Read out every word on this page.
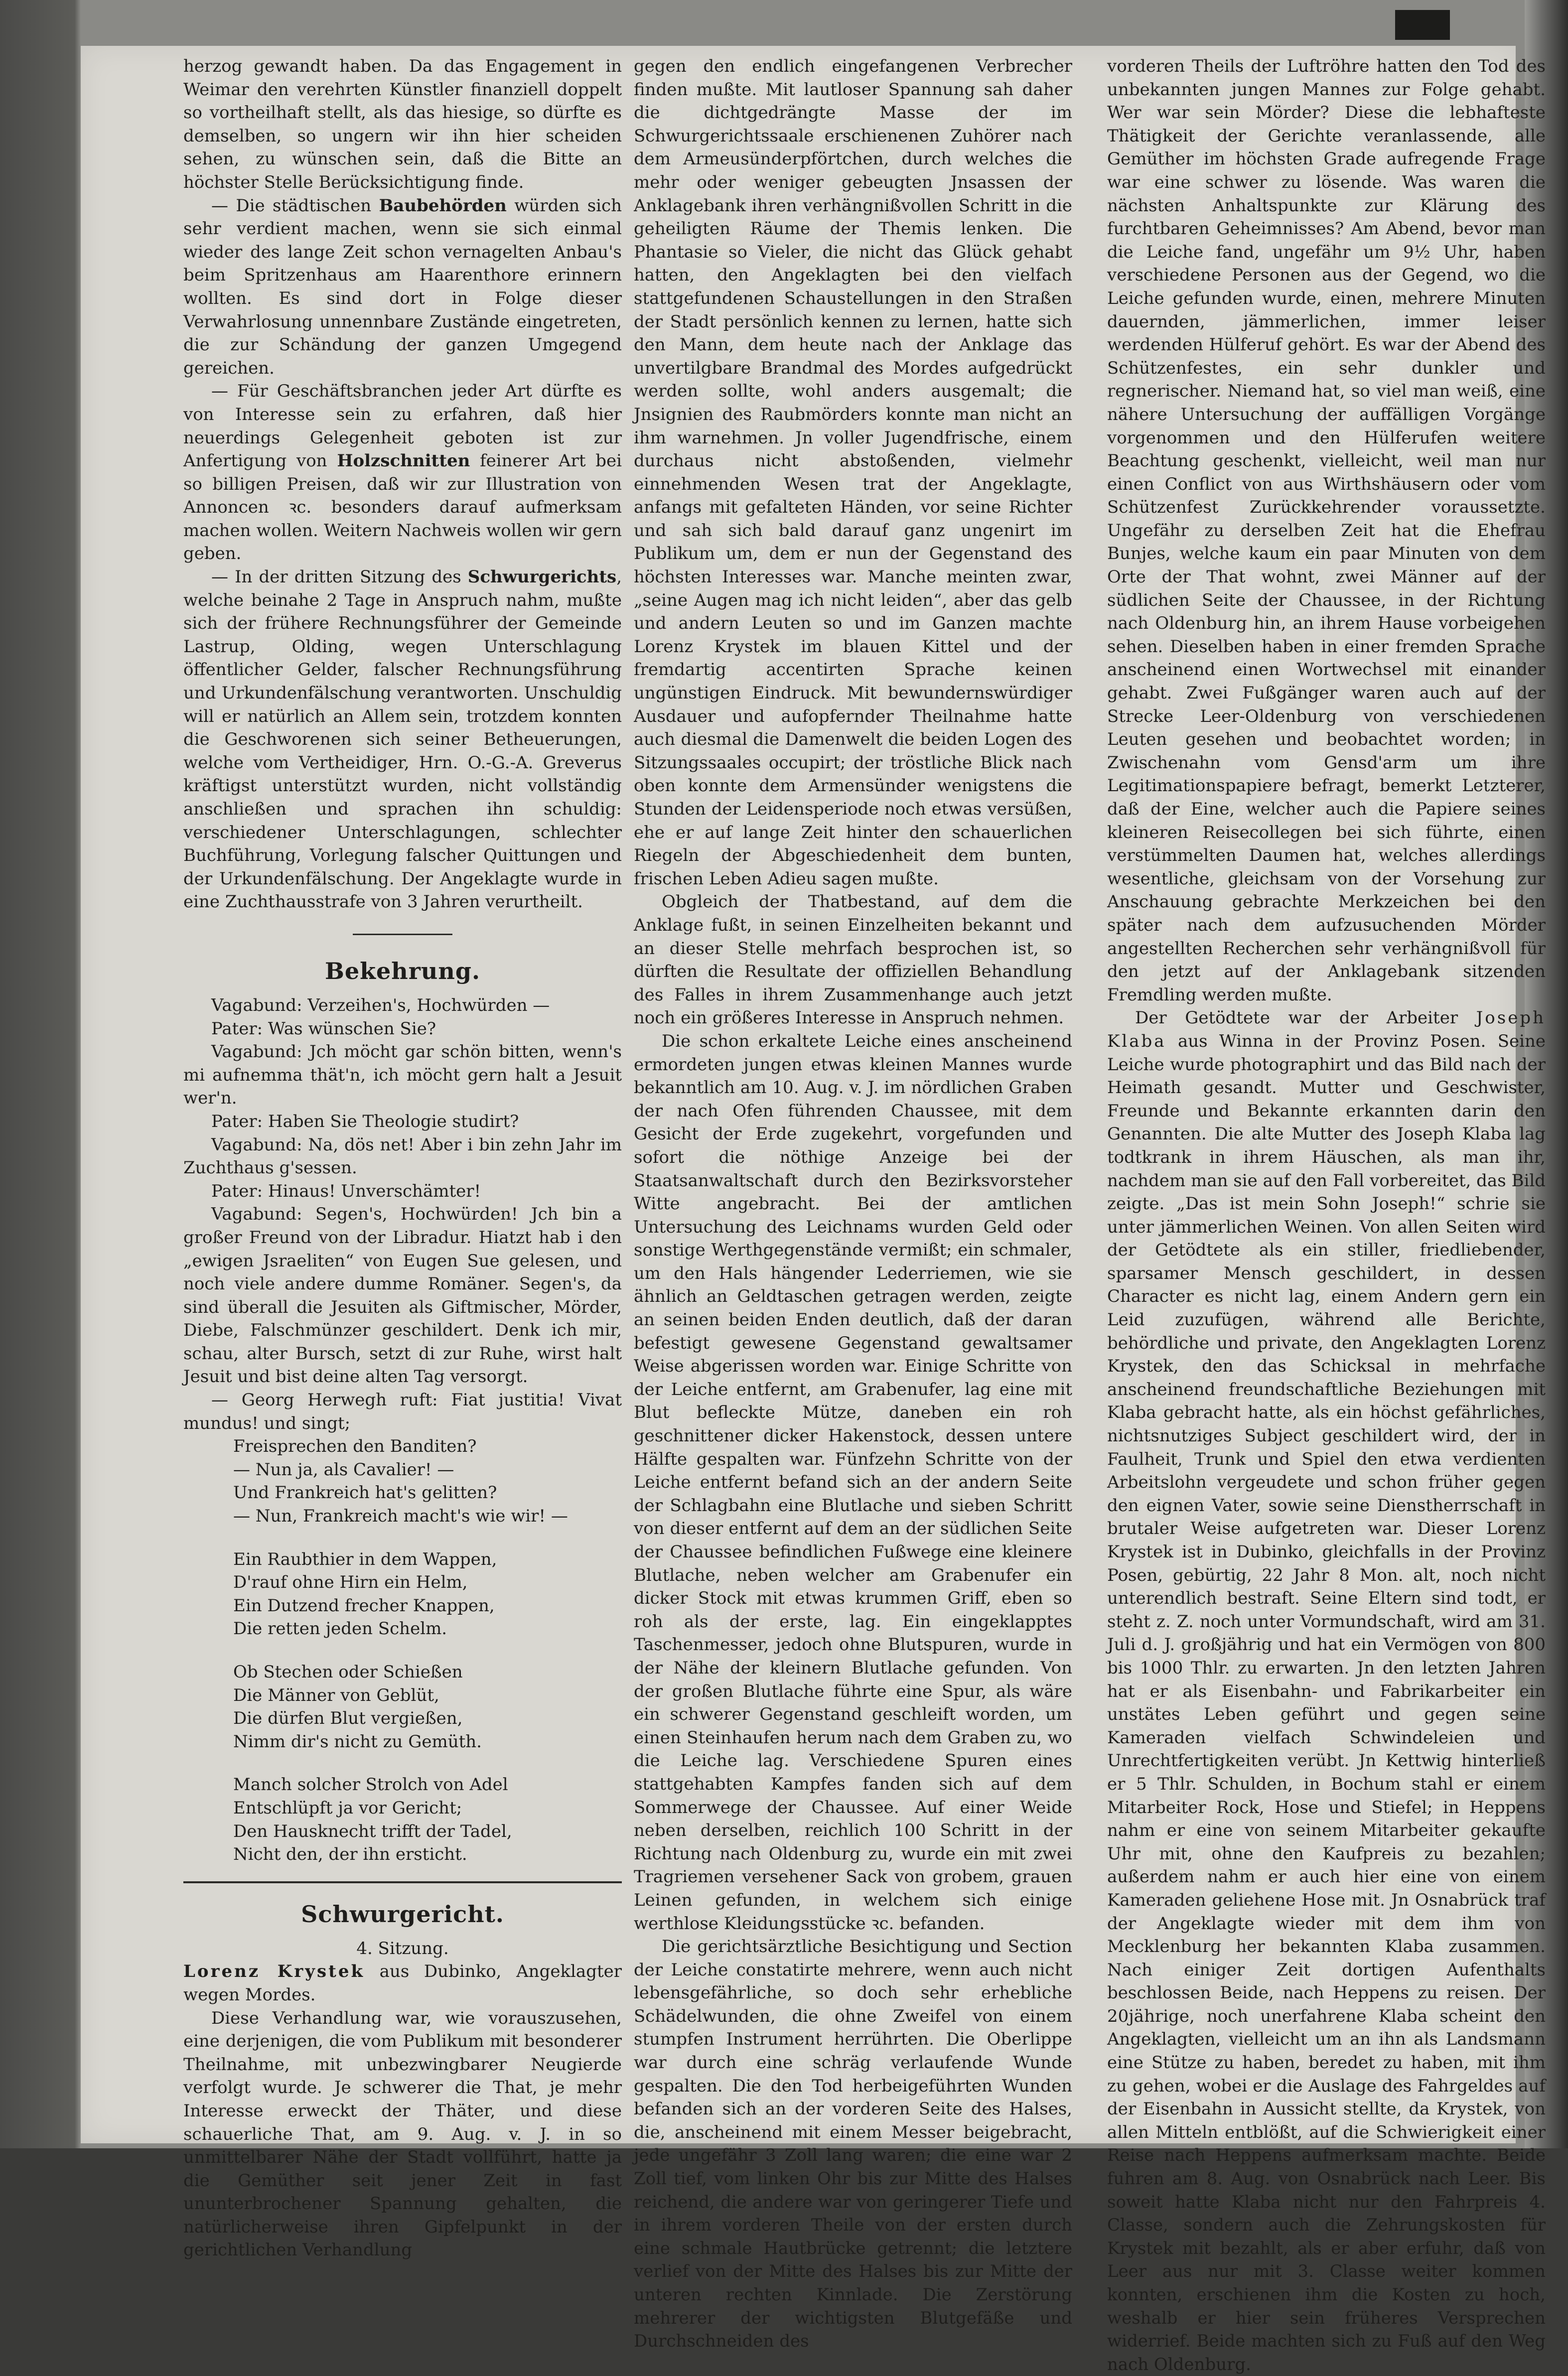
herzog gewandt haben. Da das Engagement in Weimar den verehrten Künstler finanziell doppelt so vortheilhaft stellt, als das hiesige, so dürfte es demselben, so ungern wir ihn hier scheiden sehen, zu wünschen sein, daß die Bitte an höchster Stelle Berücksichtigung finde.

— Die städtischen Baubehörden würden sich sehr verdient machen, wenn sie sich einmal wieder des lange Zeit schon vernagelten Anbau's beim Spritzenhaus am Haarenthore erinnern wollten. Es sind dort in Folge dieser Verwahrlosung unnennbare Zustände eingetreten, die zur Schändung der ganzen Umgegend gereichen.

— Für Geschäftsbranchen jeder Art dürfte es von Interesse sein zu erfahren, daß hier neuerdings Gelegenheit geboten ist zur Anfertigung von Holzschnitten feinerer Art bei so billigen Preisen, daß wir zur Illustration von Annoncen ꝛc. besonders darauf aufmerksam machen wollen. Weitern Nachweis wollen wir gern geben.

— In der dritten Sitzung des Schwurgerichts, welche beinahe 2 Tage in Anspruch nahm, mußte sich der frühere Rechnungsführer der Gemeinde Lastrup, Olding, wegen Unterschlagung öffentlicher Gelder, falscher Rechnungsführung und Urkundenfälschung verantworten. Unschuldig will er natürlich an Allem sein, trotzdem konnten die Geschworenen sich seiner Betheuerungen, welche vom Vertheidiger, Hrn. O.-G.-A. Greverus kräftigst unterstützt wurden, nicht vollständig anschließen und sprachen ihn schuldig: verschiedener Unterschlagungen, schlechter Buchführung, Vorlegung falscher Quittungen und der Urkundenfälschung. Der Angeklagte wurde in eine Zuchthausstrafe von 3 Jahren verurtheilt.

Bekehrung.

Vagabund: Verzeihen's, Hochwürden —

Pater: Was wünschen Sie?

Vagabund: Jch möcht gar schön bitten, wenn's mi aufnemma thät'n, ich möcht gern halt a Jesuit wer'n.

Pater: Haben Sie Theologie studirt?

Vagabund: Na, dös net! Aber i bin zehn Jahr im Zuchthaus g'sessen.

Pater: Hinaus! Unverschämter!

Vagabund: Segen's, Hochwürden! Jch bin a großer Freund von der Libradur. Hiatzt hab i den „ewigen Jsraeliten“ von Eugen Sue gelesen, und noch viele andere dumme Romäner. Segen's, da sind überall die Jesuiten als Giftmischer, Mörder, Diebe, Falschmünzer geschildert. Denk ich mir, schau, alter Bursch, setzt di zur Ruhe, wirst halt Jesuit und bist deine alten Tag versorgt.

— Georg Herwegh ruft: Fiat justitia! Vivat mundus! und singt;

Freisprechen den Banditen?

— Nun ja, als Cavalier! —

Und Frankreich hat's gelitten?

— Nun, Frankreich macht's wie wir! —

Ein Raubthier in dem Wappen,

D'rauf ohne Hirn ein Helm,

Ein Dutzend frecher Knappen,

Die retten jeden Schelm.

Ob Stechen oder Schießen

Die Männer von Geblüt,

Die dürfen Blut vergießen,

Nimm dir's nicht zu Gemüth.

Manch solcher Strolch von Adel

Entschlüpft ja vor Gericht;

Den Hausknecht trifft der Tadel,

Nicht den, der ihn ersticht.

Schwurgericht.

4. Sitzung.

Lorenz Krystek aus Dubinko, Angeklagter wegen Mordes.

Diese Verhandlung war, wie vorauszusehen, eine derjenigen, die vom Publikum mit besonderer Theilnahme, mit unbezwingbarer Neugierde verfolgt wurde. Je schwerer die That, je mehr Interesse erweckt der Thäter, und diese schauerliche That, am 9. Aug. v. J. in so unmittelbarer Nähe der Stadt vollführt, hatte ja die Gemüther seit jener Zeit in fast ununterbrochener Spannung gehalten, die natürlicherweise ihren Gipfelpunkt in der gerichtlichen Verhandlung

gegen den endlich eingefangenen Verbrecher finden mußte. Mit lautloser Spannung sah daher die dichtgedrängte Masse der im Schwurgerichtssaale erschienenen Zuhörer nach dem Armeusünderpförtchen, durch welches die mehr oder weniger gebeugten Jnsassen der Anklagebank ihren verhängnißvollen Schritt in die geheiligten Räume der Themis lenken. Die Phantasie so Vieler, die nicht das Glück gehabt hatten, den Angeklagten bei den vielfach stattgefundenen Schaustellungen in den Straßen der Stadt persönlich kennen zu lernen, hatte sich den Mann, dem heute nach der Anklage das unvertilgbare Brandmal des Mordes aufgedrückt werden sollte, wohl anders ausgemalt; die Jnsignien des Raubmörders konnte man nicht an ihm warnehmen. Jn voller Jugendfrische, einem durchaus nicht abstoßenden, vielmehr einnehmenden Wesen trat der Angeklagte, anfangs mit gefalteten Händen, vor seine Richter und sah sich bald darauf ganz ungenirt im Publikum um, dem er nun der Gegenstand des höchsten Interesses war. Manche meinten zwar, „seine Augen mag ich nicht leiden“, aber das gelb und andern Leuten so und im Ganzen machte Lorenz Krystek im blauen Kittel und der fremdartig accentirten Sprache keinen ungünstigen Eindruck. Mit bewundernswürdiger Ausdauer und aufopfernder Theilnahme hatte auch diesmal die Damenwelt die beiden Logen des Sitzungssaales occupirt; der tröstliche Blick nach oben konnte dem Armensünder wenigstens die Stunden der Leidensperiode noch etwas versüßen, ehe er auf lange Zeit hinter den schauerlichen Riegeln der Abgeschiedenheit dem bunten, frischen Leben Adieu sagen mußte.

Obgleich der Thatbestand, auf dem die Anklage fußt, in seinen Einzelheiten bekannt und an dieser Stelle mehrfach besprochen ist, so dürften die Resultate der offiziellen Behandlung des Falles in ihrem Zusammenhange auch jetzt noch ein größeres Interesse in Anspruch nehmen.

Die schon erkaltete Leiche eines anscheinend ermordeten jungen etwas kleinen Mannes wurde bekanntlich am 10. Aug. v. J. im nördlichen Graben der nach Ofen führenden Chaussee, mit dem Gesicht der Erde zugekehrt, vorgefunden und sofort die nöthige Anzeige bei der Staatsanwaltschaft durch den Bezirksvorsteher Witte angebracht. Bei der amtlichen Untersuchung des Leichnams wurden Geld oder sonstige Werthgegenstände vermißt; ein schmaler, um den Hals hängender Lederriemen, wie sie ähnlich an Geldtaschen getragen werden, zeigte an seinen beiden Enden deutlich, daß der daran befestigt gewesene Gegenstand gewaltsamer Weise abgerissen worden war. Einige Schritte von der Leiche entfernt, am Grabenufer, lag eine mit Blut befleckte Mütze, daneben ein roh geschnittener dicker Hakenstock, dessen untere Hälfte gespalten war. Fünfzehn Schritte von der Leiche entfernt befand sich an der andern Seite der Schlagbahn eine Blutlache und sieben Schritt von dieser entfernt auf dem an der südlichen Seite der Chaussee befindlichen Fußwege eine kleinere Blutlache, neben welcher am Grabenufer ein dicker Stock mit etwas krummen Griff, eben so roh als der erste, lag. Ein eingeklapptes Taschenmesser, jedoch ohne Blutspuren, wurde in der Nähe der kleinern Blutlache gefunden. Von der großen Blutlache führte eine Spur, als wäre ein schwerer Gegenstand geschleift worden, um einen Steinhaufen herum nach dem Graben zu, wo die Leiche lag. Verschiedene Spuren eines stattgehabten Kampfes fanden sich auf dem Sommerwege der Chaussee. Auf einer Weide neben derselben, reichlich 100 Schritt in der Richtung nach Oldenburg zu, wurde ein mit zwei Tragriemen versehener Sack von grobem, grauen Leinen gefunden, in welchem sich einige werthlose Kleidungsstücke ꝛc. befanden.

Die gerichtsärztliche Besichtigung und Section der Leiche constatirte mehrere, wenn auch nicht lebensgefährliche, so doch sehr erhebliche Schädelwunden, die ohne Zweifel von einem stumpfen Instrument herrührten. Die Oberlippe war durch eine schräg verlaufende Wunde gespalten. Die den Tod herbeigeführten Wunden befanden sich an der vorderen Seite des Halses, die, anscheinend mit einem Messer beigebracht, jede ungefähr 3 Zoll lang waren; die eine war 2 Zoll tief, vom linken Ohr bis zur Mitte des Halses reichend, die andere war von geringerer Tiefe und in ihrem vorderen Theile von der ersten durch eine schmale Hautbrücke getrennt; die letztere verlief von der Mitte des Halses bis zur Mitte der unteren rechten Kinnlade. Die Zerstörung mehrerer der wichtigsten Blutgefäße und Durchschneiden des

vorderen Theils der Luftröhre hatten den Tod des unbekannten jungen Mannes zur Folge gehabt. Wer war sein Mörder? Diese die lebhafteste Thätigkeit der Gerichte veranlassende, alle Gemüther im höchsten Grade aufregende Frage war eine schwer zu lösende. Was waren die nächsten Anhaltspunkte zur Klärung des furchtbaren Geheimnisses? Am Abend, bevor man die Leiche fand, ungefähr um 9½ Uhr, haben verschiedene Personen aus der Gegend, wo die Leiche gefunden wurde, einen, mehrere Minuten dauernden, jämmerlichen, immer leiser werdenden Hülferuf gehört. Es war der Abend des Schützenfestes, ein sehr dunkler und regnerischer. Niemand hat, so viel man weiß, eine nähere Untersuchung der auffälligen Vorgänge vorgenommen und den Hülferufen weitere Beachtung geschenkt, vielleicht, weil man nur einen Conflict von aus Wirthshäusern oder vom Schützenfest Zurückkehrender voraussetzte. Ungefähr zu derselben Zeit hat die Ehefrau Bunjes, welche kaum ein paar Minuten von dem Orte der That wohnt, zwei Männer auf der südlichen Seite der Chaussee, in der Richtung nach Oldenburg hin, an ihrem Hause vorbeigehen sehen. Dieselben haben in einer fremden Sprache anscheinend einen Wortwechsel mit einander gehabt. Zwei Fußgänger waren auch auf der Strecke Leer-Oldenburg von verschiedenen Leuten gesehen und beobachtet worden; in Zwischenahn vom Gensd'arm um ihre Legitimationspapiere befragt, bemerkt Letzterer, daß der Eine, welcher auch die Papiere seines kleineren Reisecollegen bei sich führte, einen verstümmelten Daumen hat, welches allerdings wesentliche, gleichsam von der Vorsehung zur Anschauung gebrachte Merkzeichen bei den später nach dem aufzusuchenden Mörder angestellten Recherchen sehr verhängnißvoll für den jetzt auf der Anklagebank sitzenden Fremdling werden mußte.

Der Getödtete war der Arbeiter Joseph Klaba aus Winna in der Provinz Posen. Seine Leiche wurde photographirt und das Bild nach der Heimath gesandt. Mutter und Geschwister, Freunde und Bekannte erkannten darin den Genannten. Die alte Mutter des Joseph Klaba lag todtkrank in ihrem Häuschen, als man ihr, nachdem man sie auf den Fall vorbereitet, das Bild zeigte. „Das ist mein Sohn Joseph!“ schrie sie unter jämmerlichen Weinen. Von allen Seiten wird der Getödtete als ein stiller, friedliebender, sparsamer Mensch geschildert, in dessen Character es nicht lag, einem Andern gern ein Leid zuzufügen, während alle Berichte, behördliche und private, den Angeklagten Lorenz Krystek, den das Schicksal in mehrfache anscheinend freundschaftliche Beziehungen mit Klaba gebracht hatte, als ein höchst gefährliches, nichtsnutziges Subject geschildert wird, der in Faulheit, Trunk und Spiel den etwa verdienten Arbeitslohn vergeudete und schon früher gegen den eignen Vater, sowie seine Dienstherrschaft in brutaler Weise aufgetreten war. Dieser Lorenz Krystek ist in Dubinko, gleichfalls in der Provinz Posen, gebürtig, 22 Jahr 8 Mon. alt, noch nicht unterendlich bestraft. Seine Eltern sind todt, er steht z. Z. noch unter Vormundschaft, wird am 31. Juli d. J. großjährig und hat ein Vermögen von 800 bis 1000 Thlr. zu erwarten. Jn den letzten Jahren hat er als Eisenbahn- und Fabrikarbeiter ein unstätes Leben geführt und gegen seine Kameraden vielfach Schwindeleien und Unrechtfertigkeiten verübt. Jn Kettwig hinterließ er 5 Thlr. Schulden, in Bochum stahl er einem Mitarbeiter Rock, Hose und Stiefel; in Heppens nahm er eine von seinem Mitarbeiter gekaufte Uhr mit, ohne den Kaufpreis zu bezahlen; außerdem nahm er auch hier eine von einem Kameraden geliehene Hose mit. Jn Osnabrück traf der Angeklagte wieder mit dem ihm von Mecklenburg her bekannten Klaba zusammen. Nach einiger Zeit dortigen Aufenthalts beschlossen Beide, nach Heppens zu reisen. Der 20jährige, noch unerfahrene Klaba scheint den Angeklagten, vielleicht um an ihn als Landsmann eine Stütze zu haben, beredet zu haben, mit ihm zu gehen, wobei er die Auslage des Fahrgeldes auf der Eisenbahn in Aussicht stellte, da Krystek, von allen Mitteln entblößt, auf die Schwierigkeit einer Reise nach Heppens aufmerksam machte. Beide fuhren am 8. Aug. von Osnabrück nach Leer. Bis soweit hatte Klaba nicht nur den Fahrpreis 4. Classe, sondern auch die Zehrungskosten für Krystek mit bezahlt, als er aber erfuhr, daß von Leer aus nur mit 3. Classe weiter kommen konnten, erschienen ihm die Kosten zu hoch, weshalb er hier sein früheres Versprechen widerrief. Beide machten sich zu Fuß auf den Weg nach Oldenburg.
